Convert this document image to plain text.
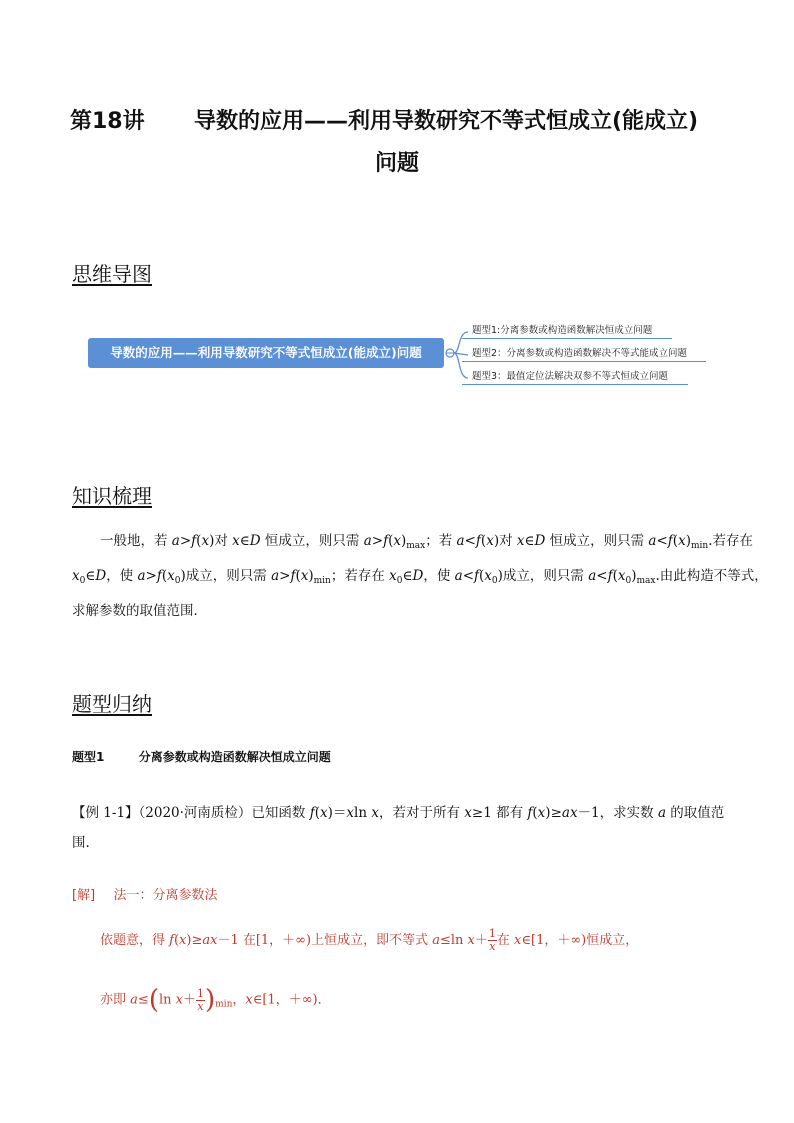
第18讲 导数的应用——利用导数研究不等式恒成立(能成立)
问题
思维导图
导数的应用——利用导数研究不等式恒成立(能成立)问题
题型1:分离参数或构造函数解决恒成立问题
题型2：分离参数或构造函数解决不等式能成立问题
题型3：最值定位法解决双参不等式恒成立问题
知识梳理
一般地，若 a>f(x)对 x∈D 恒成立，则只需 $a>f(x)_{max}$；若 a<f(x)对 x∈D 恒成立，则只需 $a<f(x)_{min}$.若存在
$x_0\in D$，使 $a>f(x_0)$成立，则只需 $a>f(x)_{min}$；若存在 $x_0\in D$，使 $a<f(x_0)$成立，则只需 $a<f(x_0)_{max}$.由此构造不等式，
求解参数的取值范围．
题型归纳
题型1	分离参数或构造函数解决恒成立问题
【例 1-1】（2020·河南质检）已知函数 f(x)＝xln x，若对于所有 x≥1 都有 f(x)≥ax－1，求实数 a 的取值范
围.
[解] 法一：分离参数法
依题意，得 f(x)≥ax－1 在[1，＋∞)上恒成立，即不等式 a≤ln $x+ \frac{1}{x}$ 在 x∈[1，＋∞)恒成立，
亦即 a≤(ln $x+ \frac{1}{x} )_{min}$，x∈[1，＋∞)．
